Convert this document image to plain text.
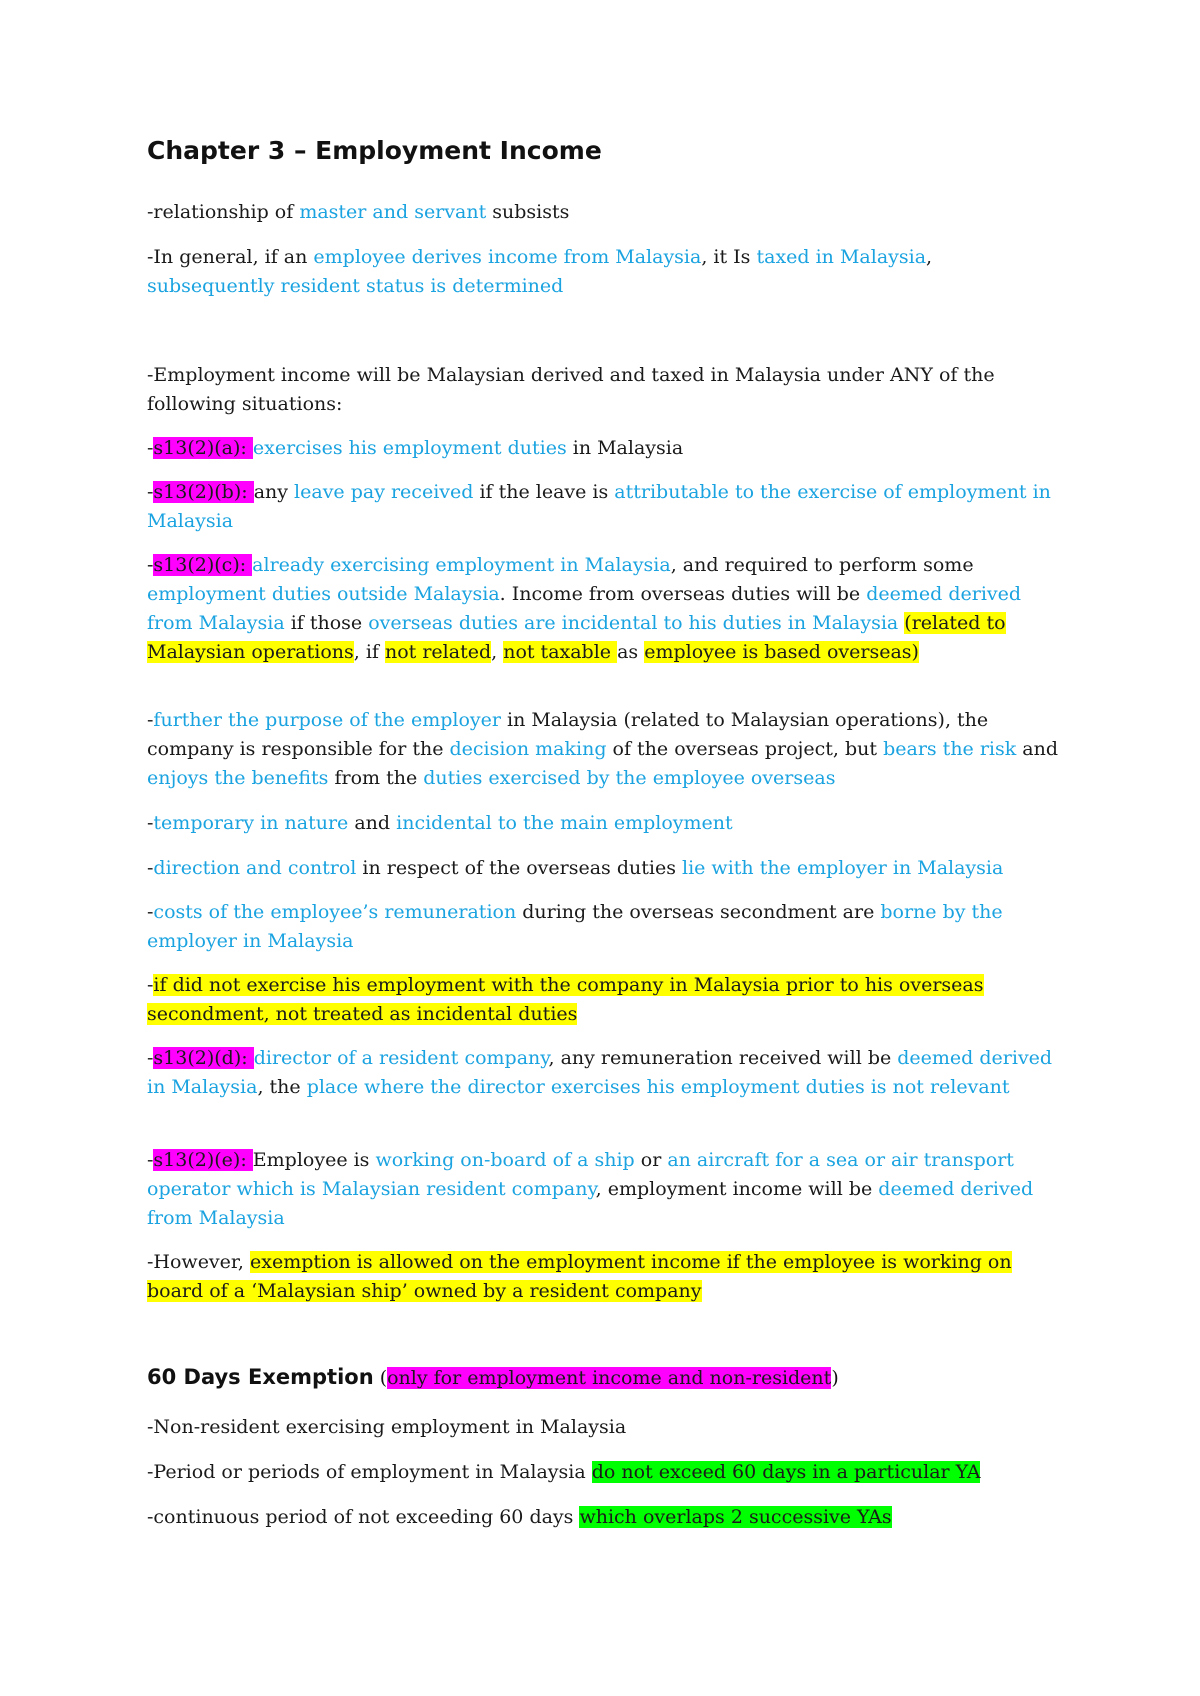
Chapter 3 – Employment Income

-relationship of master and servant subsists

-In general, if an employee derives income from Malaysia, it Is taxed in Malaysia,
subsequently resident status is determined

-Employment income will be Malaysian derived and taxed in Malaysia under ANY of the following situations:

-s13(2)(a): exercises his employment duties in Malaysia

-s13(2)(b): any leave pay received if the leave is attributable to the exercise of employment in Malaysia

-s13(2)(c): already exercising employment in Malaysia, and required to perform some employment duties outside Malaysia. Income from overseas duties will be deemed derived from Malaysia if those overseas duties are incidental to his duties in Malaysia (related to Malaysian operations, if not related, not taxable as employee is based overseas)

-further the purpose of the employer in Malaysia (related to Malaysian operations), the company is responsible for the decision making of the overseas project, but bears the risk and enjoys the benefits from the duties exercised by the employee overseas

-temporary in nature and incidental to the main employment

-direction and control in respect of the overseas duties lie with the employer in Malaysia

-costs of the employee’s remuneration during the overseas secondment are borne by the employer in Malaysia

-if did not exercise his employment with the company in Malaysia prior to his overseas secondment, not treated as incidental duties

-s13(2)(d): director of a resident company, any remuneration received will be deemed derived in Malaysia, the place where the director exercises his employment duties is not relevant

-s13(2)(e): Employee is working on-board of a ship or an aircraft for a sea or air transport operator which is Malaysian resident company, employment income will be deemed derived from Malaysia

-However, exemption is allowed on the employment income if the employee is working on board of a ‘Malaysian ship’ owned by a resident company

60 Days Exemption (only for employment income and non-resident)

-Non-resident exercising employment in Malaysia

-Period or periods of employment in Malaysia do not exceed 60 days in a particular YA

-continuous period of not exceeding 60 days which overlaps 2 successive YAs
